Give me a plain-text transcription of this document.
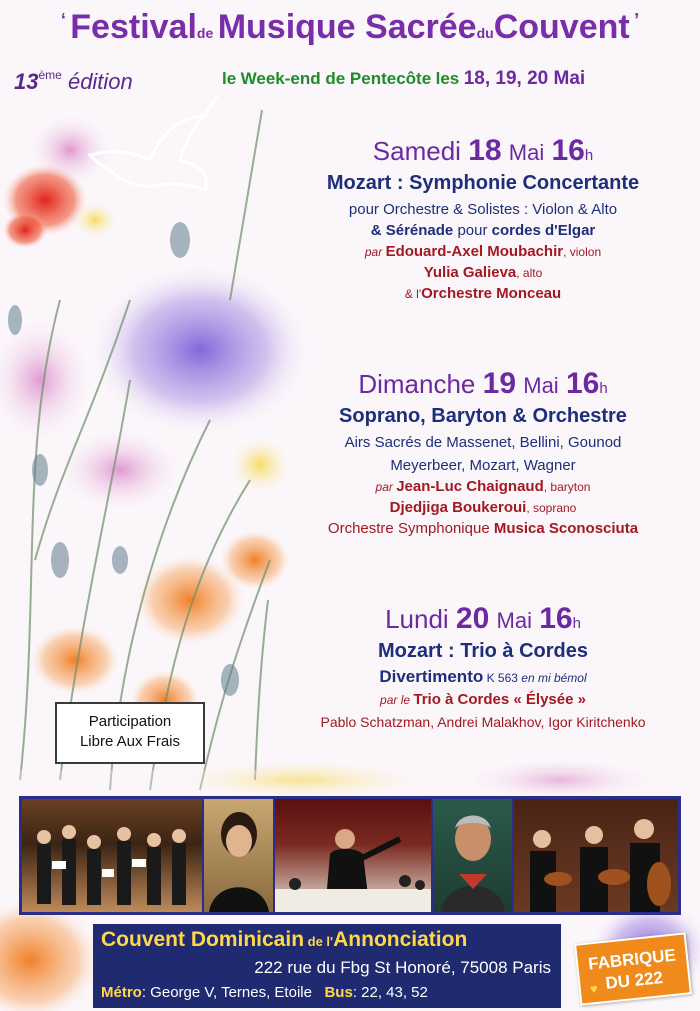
‘ Festivalde Musique SacréeduCouvent ’
13ème édition	le Week-end de Pentecôte les 18, 19, 20 Mai
Samedi 18 Mai 16h
Mozart : Symphonie Concertante
pour Orchestre & Solistes : Violon & Alto
& Sérénade pour cordes d'Elgar
par Edouard-Axel Moubachir, violon
Yulia Galieva, alto
& l'Orchestre Monceau
Dimanche 19 Mai 16h
Soprano, Baryton & Orchestre
Airs Sacrés de Massenet, Bellini, Gounod
Meyerbeer, Mozart, Wagner
par Jean-Luc Chaignaud, baryton
Djedjiga Boukeroui, soprano
Orchestre Symphonique Musica Sconosciuta
Lundi 20 Mai 16h
Mozart : Trio à Cordes
Divertimento K 563 en mi bémol
par le Trio à Cordes « Élysée »
Pablo Schatzman, Andrei Malakhov, Igor Kiritchenko
Participation
Libre Aux Frais
Couvent Dominicain de l'Annonciation
222 rue du Fbg St Honoré, 75008 Paris
Métro: George V, Ternes, Etoile Bus: 22, 43, 52
FABRIQUE
DU 222
♥
